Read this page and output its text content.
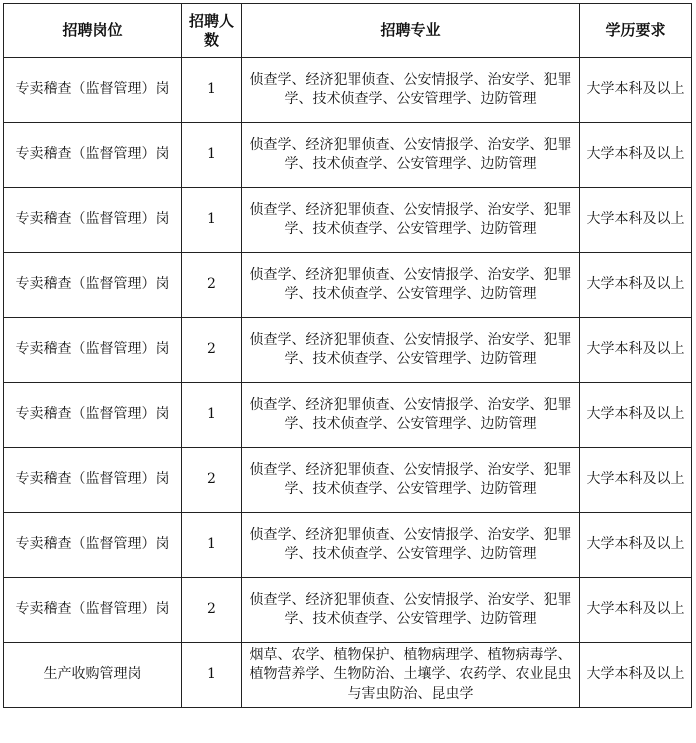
招聘岗位	招聘人数	招聘专业	学历要求
专卖稽查（监督管理）岗	1	侦查学、经济犯罪侦查、公安情报学、治安学、犯罪学、技术侦查学、公安管理学、边防管理	大学本科及以上
专卖稽查（监督管理）岗	1	侦查学、经济犯罪侦查、公安情报学、治安学、犯罪学、技术侦查学、公安管理学、边防管理	大学本科及以上
专卖稽查（监督管理）岗	1	侦查学、经济犯罪侦查、公安情报学、治安学、犯罪学、技术侦查学、公安管理学、边防管理	大学本科及以上
专卖稽查（监督管理）岗	2	侦查学、经济犯罪侦查、公安情报学、治安学、犯罪学、技术侦查学、公安管理学、边防管理	大学本科及以上
专卖稽查（监督管理）岗	2	侦查学、经济犯罪侦查、公安情报学、治安学、犯罪学、技术侦查学、公安管理学、边防管理	大学本科及以上
专卖稽查（监督管理）岗	1	侦查学、经济犯罪侦查、公安情报学、治安学、犯罪学、技术侦查学、公安管理学、边防管理	大学本科及以上
专卖稽查（监督管理）岗	2	侦查学、经济犯罪侦查、公安情报学、治安学、犯罪学、技术侦查学、公安管理学、边防管理	大学本科及以上
专卖稽查（监督管理）岗	1	侦查学、经济犯罪侦查、公安情报学、治安学、犯罪学、技术侦查学、公安管理学、边防管理	大学本科及以上
专卖稽查（监督管理）岗	2	侦查学、经济犯罪侦查、公安情报学、治安学、犯罪学、技术侦查学、公安管理学、边防管理	大学本科及以上
生产收购管理岗	1	烟草、农学、植物保护、植物病理学、植物病毒学、植物营养学、生物防治、土壤学、农药学、农业昆虫与害虫防治、昆虫学	大学本科及以上
